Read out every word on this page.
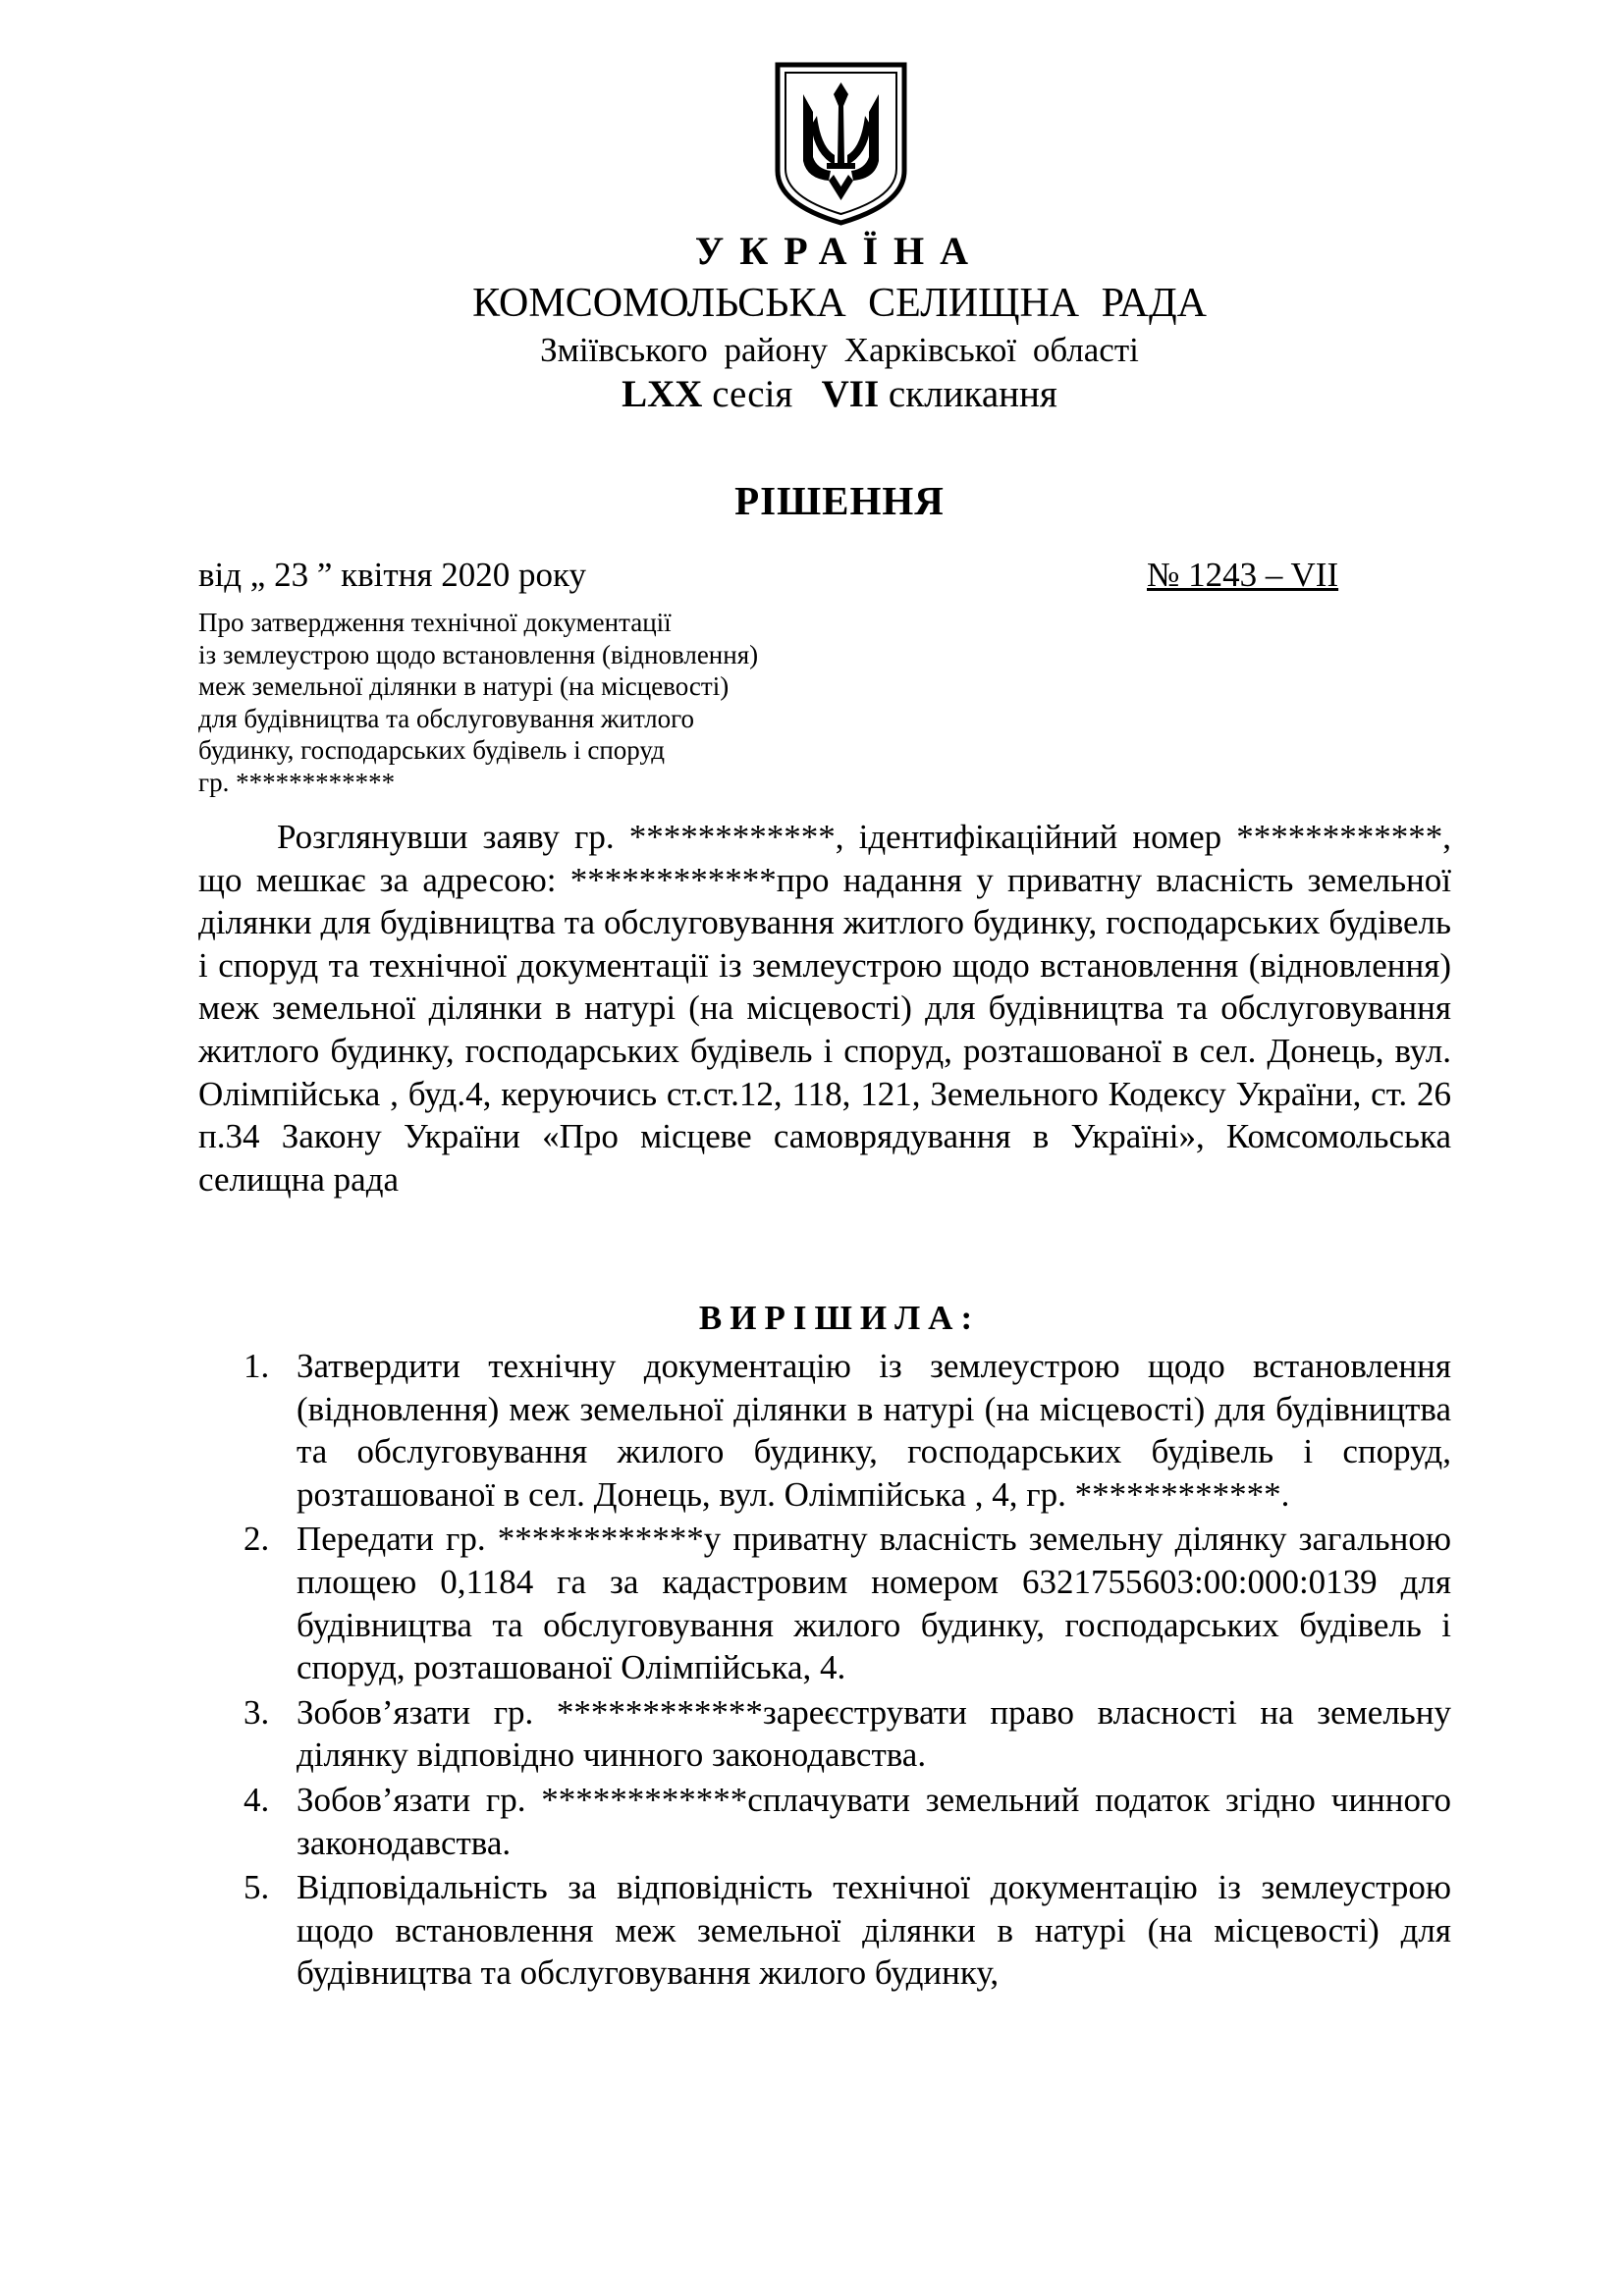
УКРАЇНА
КОМСОМОЛЬСЬКА СЕЛИЩНА РАДА
Зміївського району Харківської області
LXX сесія VII скликання
РІШЕННЯ
від „ 23 ” квітня 2020 року	№ 1243 – VII
Про затвердження технічної документації
із землеустрою щодо встановлення (відновлення)
меж земельної ділянки в натурі (на місцевості)
для будівництва та обслуговування житлого
будинку, господарських будівель і споруд
гр. ************

Розглянувши заяву гр. ************, ідентифікаційний номер ************, що мешкає за адресою: ************про надання у приватну власність земельної ділянки для будівництва та обслуговування житлого будинку, господарських будівель і споруд та технічної документації із землеустрою щодо встановлення (відновлення) меж земельної ділянки в натурі (на місцевості) для будівництва та обслуговування житлого будинку, господарських будівель і споруд, розташованої в сел. Донець, вул. Олімпійська , буд.4, керуючись ст.ст.12, 118, 121, Земельного Кодексу України, ст. 26 п.34 Закону України «Про місцеве самоврядування в Україні», Комсомольська селищна рада

ВИРІШИЛА:
1. Затвердити технічну документацію із землеустрою щодо встановлення (відновлення) меж земельної ділянки в натурі (на місцевості) для будівництва та обслуговування жилого будинку, господарських будівель і споруд, розташованої в сел. Донець, вул. Олімпійська , 4, гр. ************.
2. Передати гр. ************у приватну власність земельну ділянку загальною площею 0,1184 га за кадастровим номером 6321755603:00:000:0139 для будівництва та обслуговування жилого будинку, господарських будівель і споруд, розташованої Олімпійська, 4.
3. Зобов’язати гр. ************зареєструвати право власності на земельну ділянку відповідно чинного законодавства.
4. Зобов’язати гр. ************сплачувати земельний податок згідно чинного законодавства.
5. Відповідальність за відповідність технічної документацію із землеустрою щодо встановлення меж земельної ділянки в натурі (на місцевості) для будівництва та обслуговування жилого будинку,
